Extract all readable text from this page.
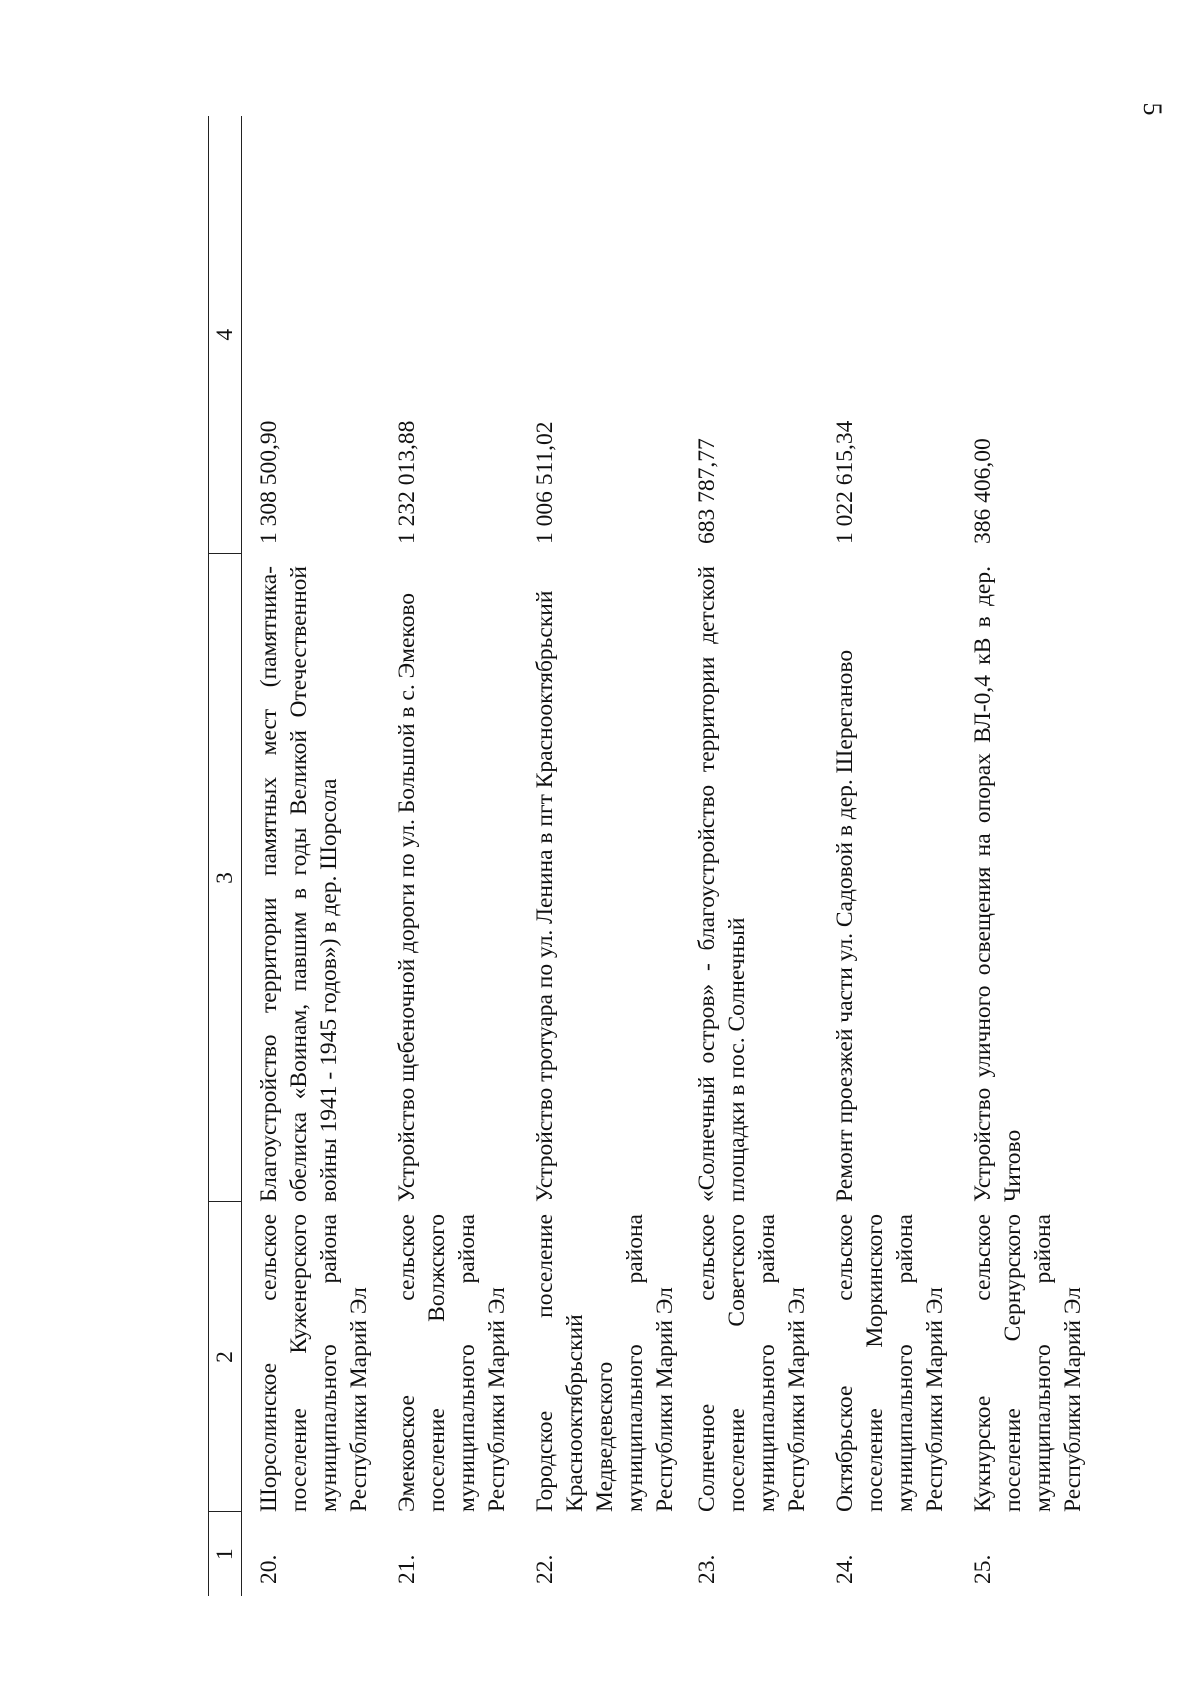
5
1	2	3	4
20.	Шорсолинское сельское поселение Куженерского муниципального района Республики Марий Эл	Благоустройство территории памятных мест (памятника-обелиска «Воинам, павшим в годы Великой Отечественной войны 1941 - 1945 годов») в дер. Шорсола	1 308 500,90
21.	Эмековское сельское поселение Волжского муниципального района Республики Марий Эл	Устройство щебеночной дороги по ул. Большой в с. Эмеково	1 232 013,88
22.	Городское поселение Краснооктябрьский Медведевского муниципального района Республики Марий Эл	Устройство тротуара по ул. Ленина в пгт Краснооктябрьский	1 006 511,02
23.	Солнечное сельское поселение Советского муниципального района Республики Марий Эл	«Солнечный остров» - благоустройство территории детской площадки в пос. Солнечный	683 787,77
24.	Октябрьское сельское поселение Моркинского муниципального района Республики Марий Эл	Ремонт проезжей части ул. Садовой в дер. Шереганово	1 022 615,34
25.	Кукнурское сельское поселение Сернурского муниципального района Республики Марий Эл	Устройство уличного освещения на опорах ВЛ-0,4 кВ в дер. Читово	386 406,00
